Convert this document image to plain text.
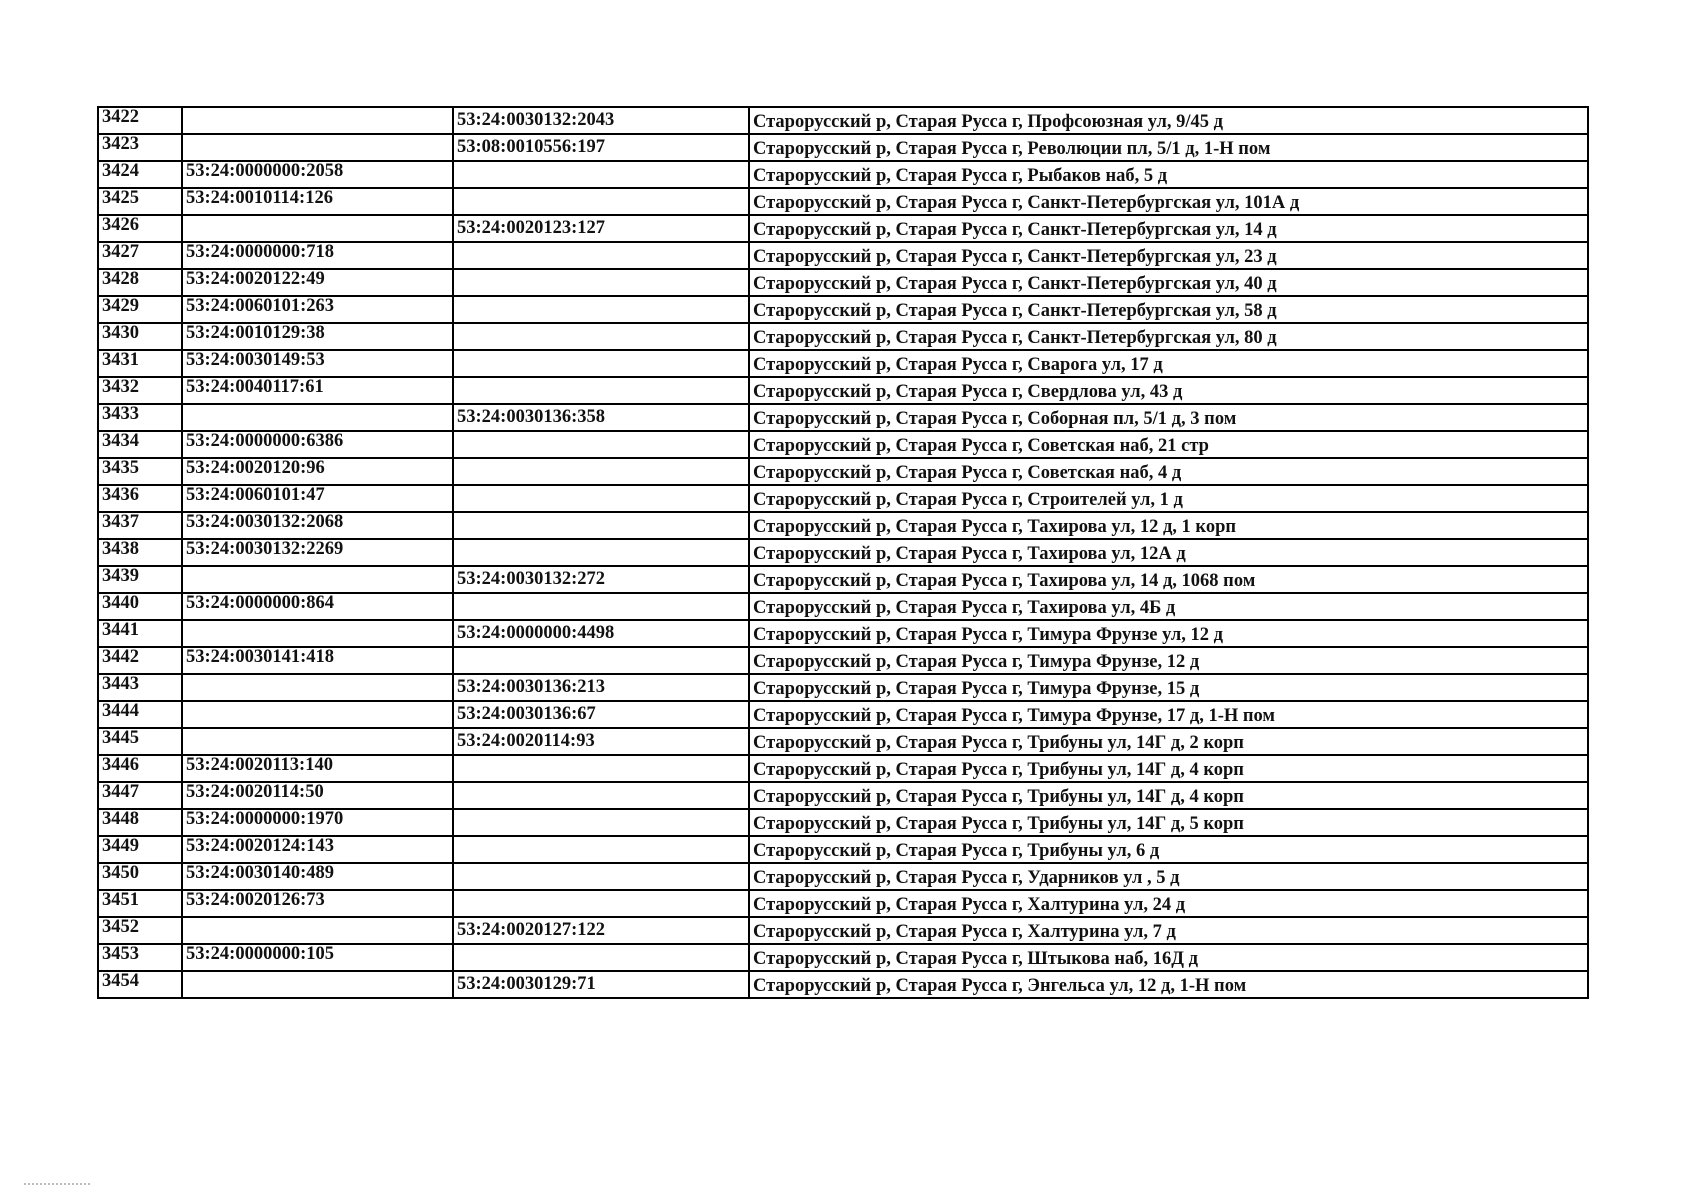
3422		53:24:0030132:2043	Старорусский р, Старая Русса г, Профсоюзная ул, 9/45 д
3423		53:08:0010556:197	Старорусский р, Старая Русса г, Революции пл, 5/1 д, 1-Н пом
3424	53:24:0000000:2058		Старорусский р, Старая Русса г, Рыбаков наб, 5 д
3425	53:24:0010114:126		Старорусский р, Старая Русса г, Санкт-Петербургская ул, 101А д
3426		53:24:0020123:127	Старорусский р, Старая Русса г, Санкт-Петербургская ул, 14 д
3427	53:24:0000000:718		Старорусский р, Старая Русса г, Санкт-Петербургская ул, 23 д
3428	53:24:0020122:49		Старорусский р, Старая Русса г, Санкт-Петербургская ул, 40 д
3429	53:24:0060101:263		Старорусский р, Старая Русса г, Санкт-Петербургская ул, 58 д
3430	53:24:0010129:38		Старорусский р, Старая Русса г, Санкт-Петербургская ул, 80 д
3431	53:24:0030149:53		Старорусский р, Старая Русса г, Сварога ул, 17 д
3432	53:24:0040117:61		Старорусский р, Старая Русса г, Свердлова ул, 43 д
3433		53:24:0030136:358	Старорусский р, Старая Русса г, Соборная пл, 5/1 д, 3 пом
3434	53:24:0000000:6386		Старорусский р, Старая Русса г, Советская наб, 21 стр
3435	53:24:0020120:96		Старорусский р, Старая Русса г, Советская наб, 4 д
3436	53:24:0060101:47		Старорусский р, Старая Русса г, Строителей ул, 1 д
3437	53:24:0030132:2068		Старорусский р, Старая Русса г, Тахирова ул, 12 д, 1 корп
3438	53:24:0030132:2269		Старорусский р, Старая Русса г, Тахирова ул, 12А д
3439		53:24:0030132:272	Старорусский р, Старая Русса г, Тахирова ул, 14 д, 1068 пом
3440	53:24:0000000:864		Старорусский р, Старая Русса г, Тахирова ул, 4Б д
3441		53:24:0000000:4498	Старорусский р, Старая Русса г, Тимура Фрунзе ул, 12 д
3442	53:24:0030141:418		Старорусский р, Старая Русса г, Тимура Фрунзе, 12 д
3443		53:24:0030136:213	Старорусский р, Старая Русса г, Тимура Фрунзе, 15 д
3444		53:24:0030136:67	Старорусский р, Старая Русса г, Тимура Фрунзе, 17 д, 1-Н пом
3445		53:24:0020114:93	Старорусский р, Старая Русса г, Трибуны ул, 14Г д, 2 корп
3446	53:24:0020113:140		Старорусский р, Старая Русса г, Трибуны ул, 14Г д, 4 корп
3447	53:24:0020114:50		Старорусский р, Старая Русса г, Трибуны ул, 14Г д, 4 корп
3448	53:24:0000000:1970		Старорусский р, Старая Русса г, Трибуны ул, 14Г д, 5 корп
3449	53:24:0020124:143		Старорусский р, Старая Русса г, Трибуны ул, 6 д
3450	53:24:0030140:489		Старорусский р, Старая Русса г, Ударников ул , 5 д
3451	53:24:0020126:73		Старорусский р, Старая Русса г, Халтурина ул, 24 д
3452		53:24:0020127:122	Старорусский р, Старая Русса г, Халтурина ул, 7 д
3453	53:24:0000000:105		Старорусский р, Старая Русса г, Штыкова наб, 16Д д
3454		53:24:0030129:71	Старорусский р, Старая Русса г, Энгельса ул, 12 д, 1-Н пом
